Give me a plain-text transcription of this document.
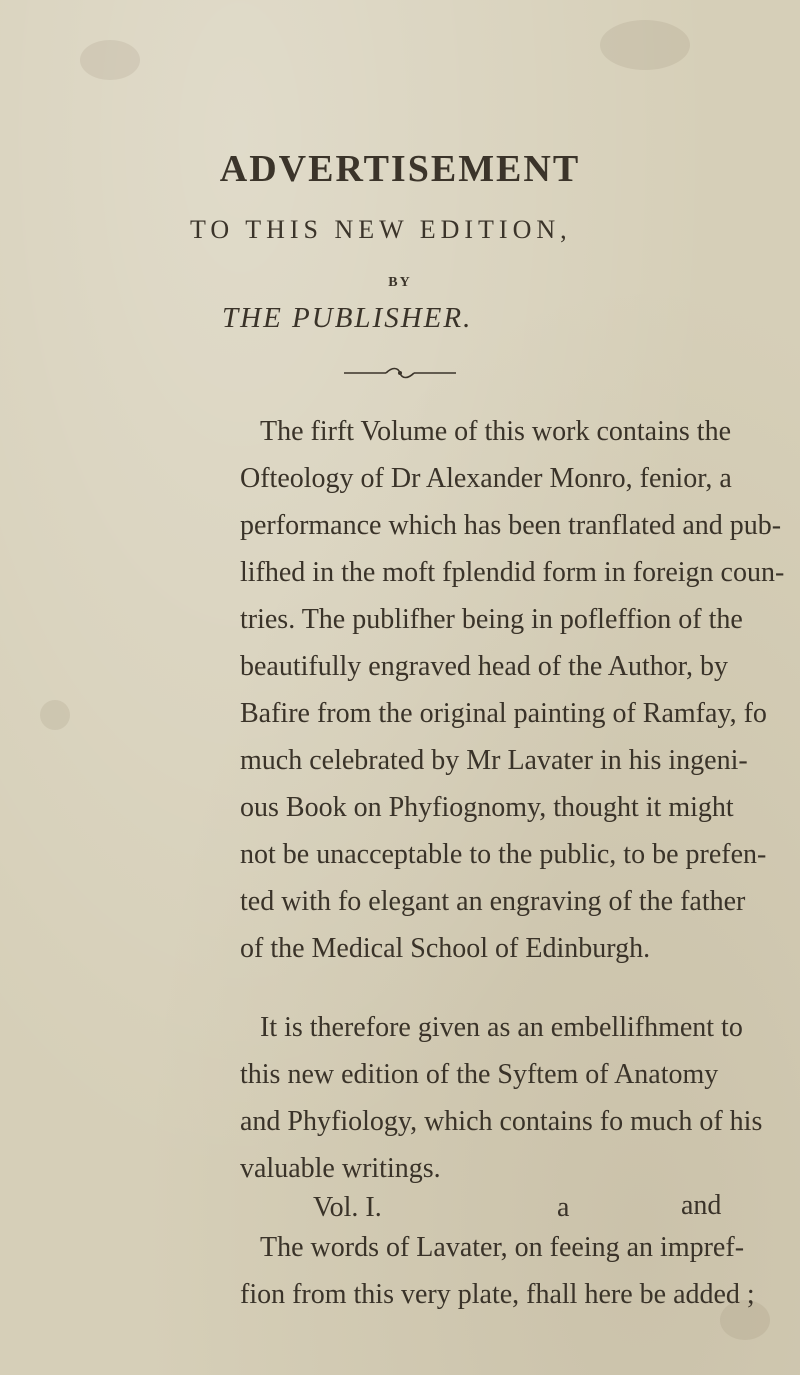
ADVERTISEMENT
TO THIS NEW EDITION,
BY
THE PUBLISHER.

The firft Volume of this work contains the
Ofteology of Dr Alexander Monro, fenior, a
performance which has been tranflated and pub-
lifhed in the moft fplendid form in foreign coun-
tries. The publifher being in pofleffion of the
beautifully engraved head of the Author, by
Bafire from the original painting of Ramfay, fo
much celebrated by Mr Lavater in his ingeni-
ous Book on Phyfiognomy, thought it might
not be unacceptable to the public, to be prefen-
ted with fo elegant an engraving of the father
of the Medical School of Edinburgh.

It is therefore given as an embellifhment to
this new edition of the Syftem of Anatomy
and Phyfiology, which contains fo much of his
valuable writings.

The words of Lavater, on feeing an impref-
fion from this very plate, fhall here be added ;

Vol. I.	a	and
